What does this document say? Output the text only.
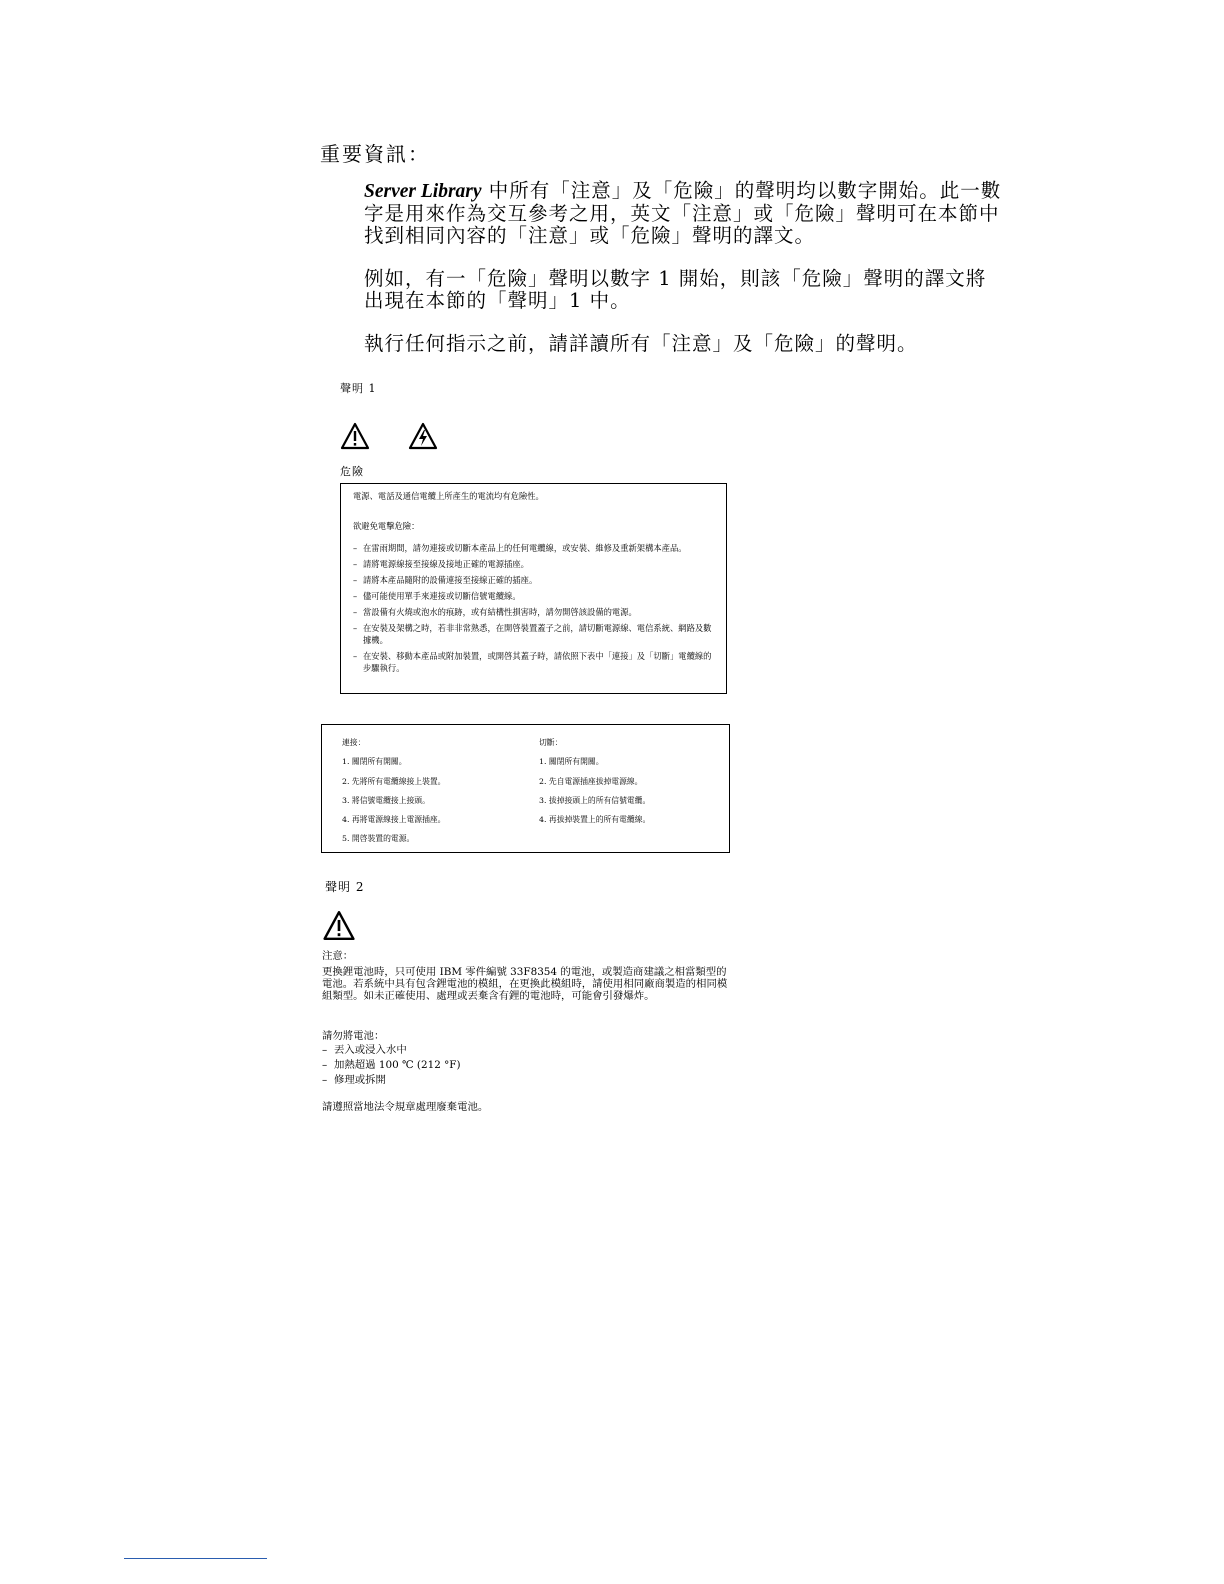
重要資訊：
Server Library 中所有「注意」及「危險」的聲明均以數字開始。此一數字是用來作為交互參考之用，英文「注意」或「危險」聲明可在本節中找到相同內容的「注意」或「危險」聲明的譯文。
例如，有一「危險」聲明以數字 1 開始，則該「危險」聲明的譯文將出現在本節的「聲明」1 中。
執行任何指示之前，請詳讀所有「注意」及「危險」的聲明。
聲明 1
危險
電源、電話及通信電纜上所產生的電流均有危險性。
欲避免電擊危險：
– 在雷雨期間，請勿連接或切斷本產品上的任何電纜線，或安裝、維修及重新架構本產品。
– 請將電源線接至接線及接地正確的電源插座。
– 請將本產品隨附的設備連接至接線正確的插座。
– 儘可能使用單手來連接或切斷信號電纜線。
– 當設備有火燒或泡水的痕跡，或有結構性損害時，請勿開啓該設備的電源。
– 在安裝及架構之時，若非非常熟悉，在開啓裝置蓋子之前，請切斷電源線、電信系統、網路及數據機。
– 在安裝、移動本產品或附加裝置，或開啓其蓋子時，請依照下表中「連接」及「切斷」電纜線的步驟執行。
連接：
1. 關閉所有開關。
2. 先將所有電纜線接上裝置。
3. 將信號電纜接上接頭。
4. 再將電源線接上電源插座。
5. 開啓裝置的電源。
切斷：
1. 關閉所有開關。
2. 先自電源插座拔掉電源線。
3. 拔掉接頭上的所有信號電纜。
4. 再拔掉裝置上的所有電纜線。
聲明 2
注意：
更換鋰電池時，只可使用 IBM 零件編號 33F8354 的電池，或製造商建議之相當類型的電池。若系統中具有包含鋰電池的模組，在更換此模組時，請使用相同廠商製造的相同模組類型。如未正確使用、處理或丟棄含有鋰的電池時，可能會引發爆炸。
請勿將電池：
– 丟入或浸入水中
– 加熱超過 100 ℃ (212 °F)
– 修理或拆開
請遵照當地法令規章處理廢棄電池。
